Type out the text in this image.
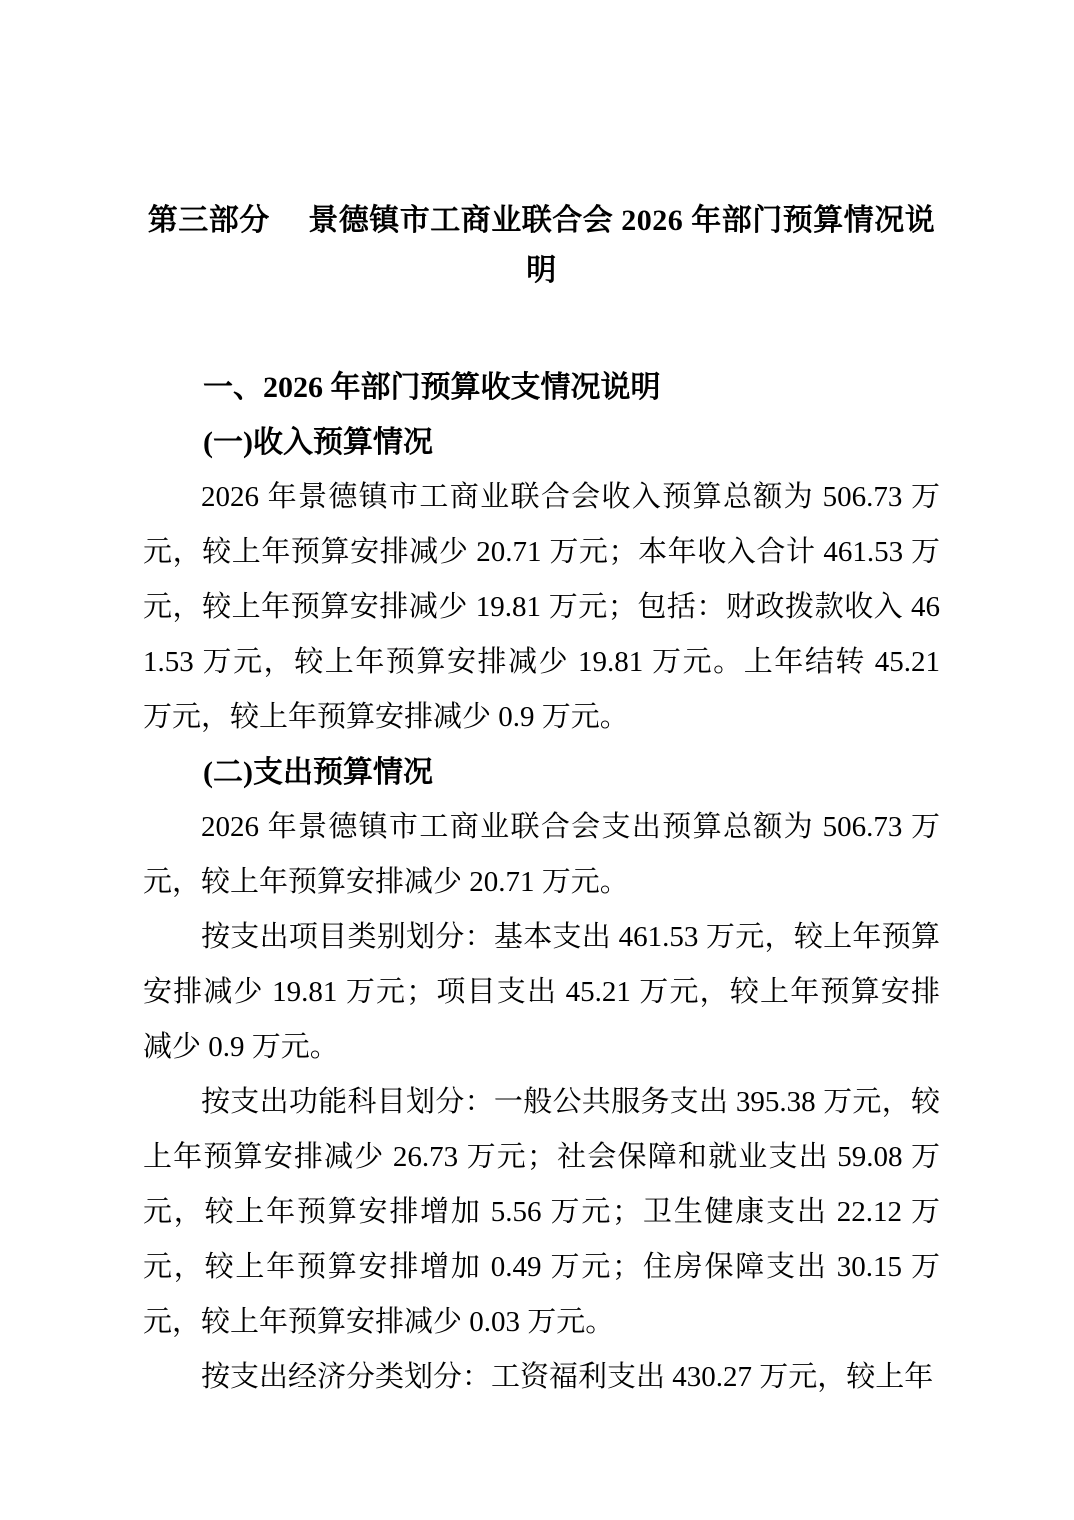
第三部分　 景德镇市工商业联合会 2026 年部门预算情况说明
一、2026 年部门预算收支情况说明
(一)收入预算情况

2026 年景德镇市工商业联合会收入预算总额为 506.73 万元，较上年预算安排减少 20.71 万元；本年收入合计 461.53 万元，较上年预算安排减少 19.81 万元；包括：财政拨款收入 461.53 万元，较上年预算安排减少 19.81 万元。上年结转 45.21 万元，较上年预算安排减少 0.9 万元。

(二)支出预算情况

2026 年景德镇市工商业联合会支出预算总额为 506.73 万元，较上年预算安排减少 20.71 万元。

按支出项目类别划分：基本支出 461.53 万元，较上年预算安排减少 19.81 万元；项目支出 45.21 万元，较上年预算安排减少 0.9 万元。

按支出功能科目划分：一般公共服务支出 395.38 万元，较上年预算安排减少 26.73 万元；社会保障和就业支出 59.08 万元，较上年预算安排增加 5.56 万元；卫生健康支出 22.12 万元，较上年预算安排增加 0.49 万元；住房保障支出 30.15 万元，较上年预算安排减少 0.03 万元。

按支出经济分类划分：工资福利支出 430.27 万元，较上年
